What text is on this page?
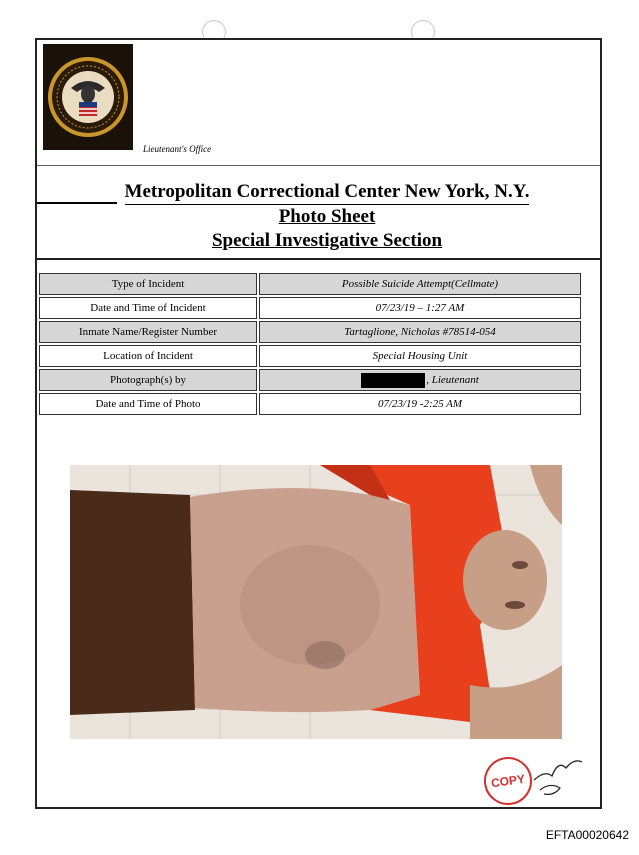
Lieutenant's Office
Metropolitan Correctional Center New York, N.Y.
Photo Sheet
Special Investigative Section
Type of Incident	Possible Suicide Attempt(Cellmate)
Date and Time of Incident	07/23/19 – 1:27 AM
Inmate Name/Register Number	Tartaglione, Nicholas #78514-054
Location of Incident	Special Housing Unit
Photograph(s) by	, Lieutenant
Date and Time of Photo	07/23/19 -2:25 AM
COPY
EFTA00020642
